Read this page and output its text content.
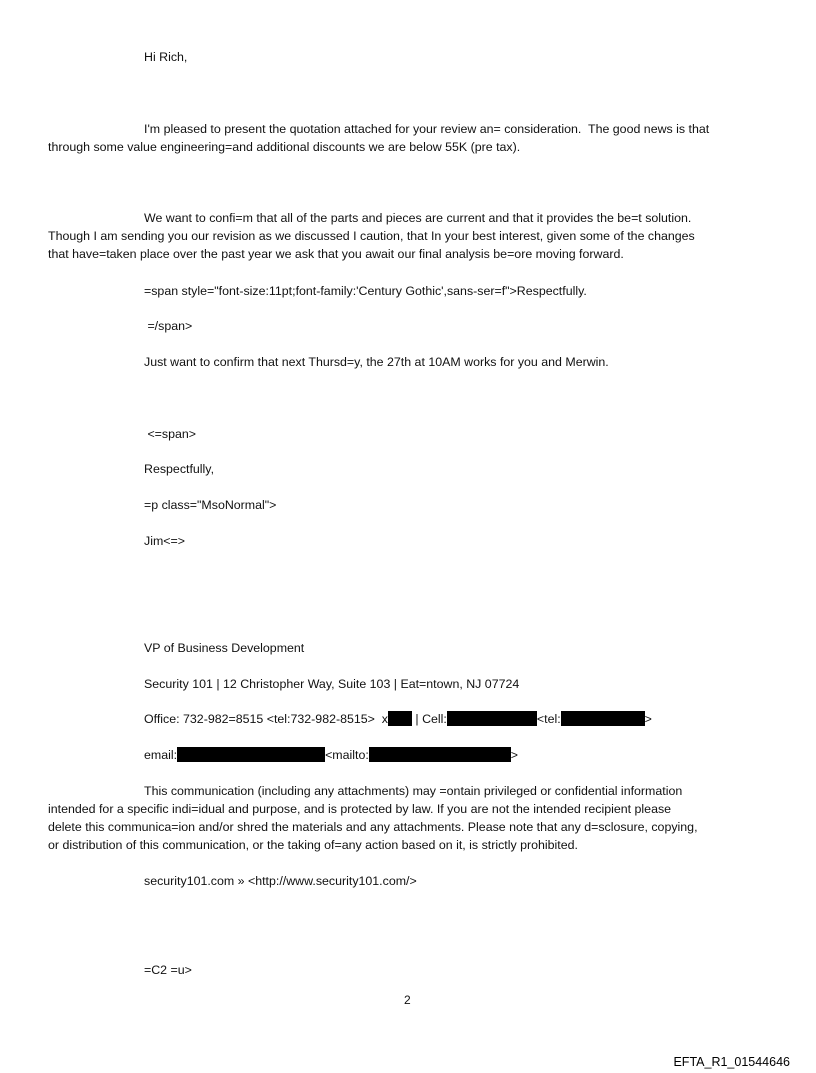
Hi Rich,

I'm pleased to present the quotation attached for your review an= consideration.  The good news is that

through some value engineering=and additional discounts we are below 55K (pre tax).

We want to confi=m that all of the parts and pieces are current and that it provides the be=t solution.

Though I am sending you our revision as we discussed I caution, that In your best interest, given some of the changes

that have=taken place over the past year we ask that you await our final analysis be=ore moving forward.

=span style="font-size:11pt;font-family:'Century Gothic',sans-ser=f">Respectfully.

=/span>

Just want to confirm that next Thursd=y, the 27th at 10AM works for you and Merwin.

<=span>

Respectfully,

=p class="MsoNormal">

Jim<=>

VP of Business Development

Security 101 | 12 Christopher Way, Suite 103 | Eat=ntown, NJ 07724

Office: 732-982=8515 <tel:732-982-8515>  x | Cell:	<tel:	>

email:	<mailto:	>

This communication (including any attachments) may =ontain privileged or confidential information

intended for a specific indi=idual and purpose, and is protected by law. If you are not the intended recipient please

delete this communica=ion and/or shred the materials and any attachments. Please note that any d=sclosure, copying,

or distribution of this communication, or the taking of=any action based on it, is strictly prohibited.

security101.com » <http://www.security101.com/>

=C2 =u>

2
EFTA_R1_01544646
